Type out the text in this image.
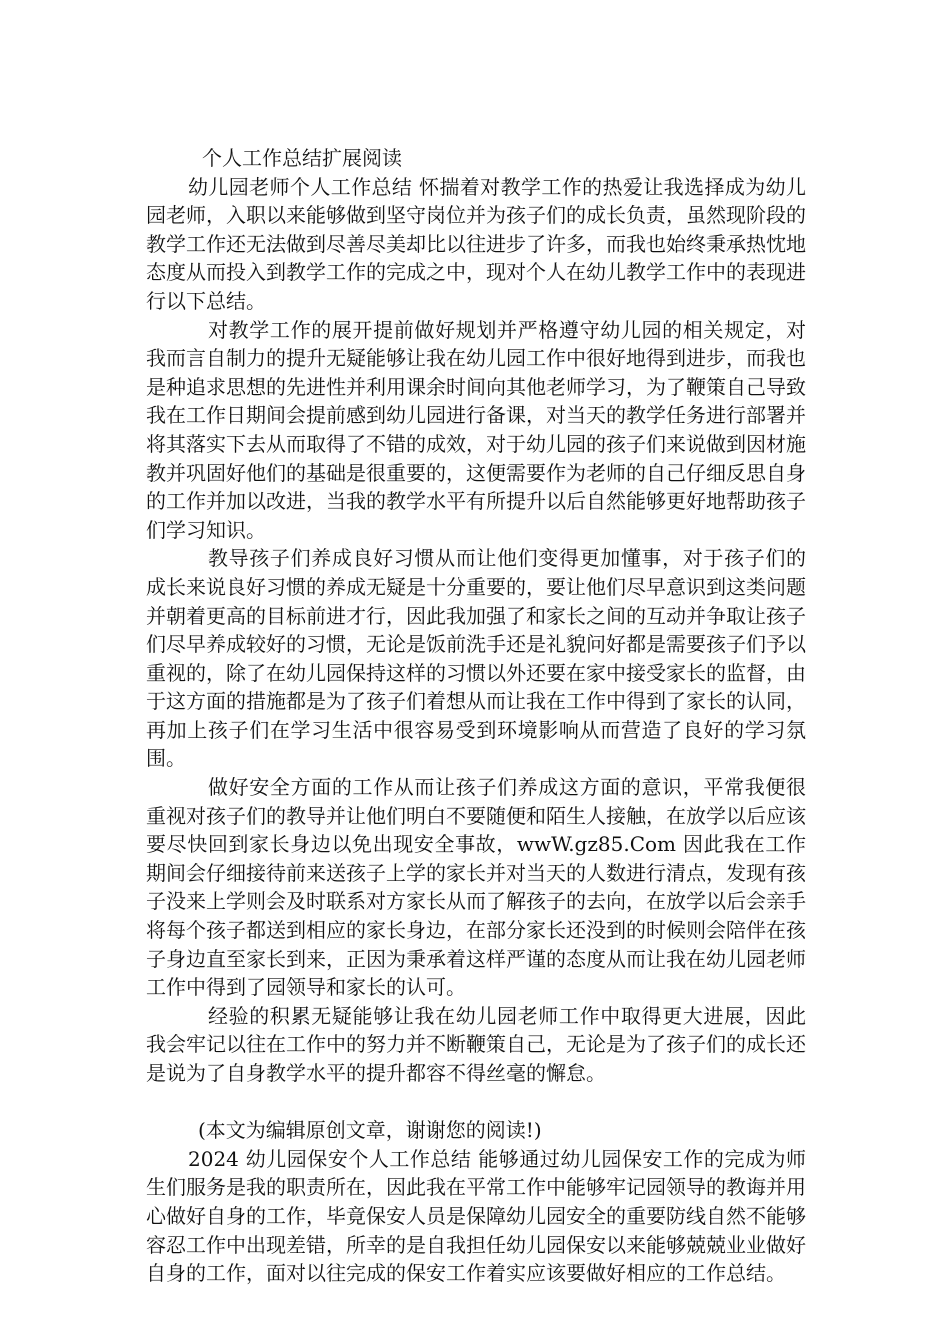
个人工作总结扩展阅读

幼儿园老师个人工作总结 怀揣着对教学工作的热爱让我选择成为幼儿园老师，入职以来能够做到坚守岗位并为孩子们的成长负责，虽然现阶段的教学工作还无法做到尽善尽美却比以往进步了许多，而我也始终秉承热忱地态度从而投入到教学工作的完成之中，现对个人在幼儿教学工作中的表现进行以下总结。

对教学工作的展开提前做好规划并严格遵守幼儿园的相关规定，对我而言自制力的提升无疑能够让我在幼儿园工作中很好地得到进步，而我也是种追求思想的先进性并利用课余时间向其他老师学习，为了鞭策自己导致我在工作日期间会提前感到幼儿园进行备课，对当天的教学任务进行部署并将其落实下去从而取得了不错的成效，对于幼儿园的孩子们来说做到因材施教并巩固好他们的基础是很重要的，这便需要作为老师的自己仔细反思自身的工作并加以改进，当我的教学水平有所提升以后自然能够更好地帮助孩子们学习知识。

教导孩子们养成良好习惯从而让他们变得更加懂事，对于孩子们的成长来说良好习惯的养成无疑是十分重要的，要让他们尽早意识到这类问题并朝着更高的目标前进才行，因此我加强了和家长之间的互动并争取让孩子们尽早养成较好的习惯，无论是饭前洗手还是礼貌问好都是需要孩子们予以重视的，除了在幼儿园保持这样的习惯以外还要在家中接受家长的监督，由于这方面的措施都是为了孩子们着想从而让我在工作中得到了家长的认同，再加上孩子们在学习生活中很容易受到环境影响从而营造了良好的学习氛围。

做好安全方面的工作从而让孩子们养成这方面的意识，平常我便很重视对孩子们的教导并让他们明白不要随便和陌生人接触，在放学以后应该要尽快回到家长身边以免出现安全事故，wwW.gz85.Com 因此我在工作期间会仔细接待前来送孩子上学的家长并对当天的人数进行清点，发现有孩子没来上学则会及时联系对方家长从而了解孩子的去向，在放学以后会亲手将每个孩子都送到相应的家长身边，在部分家长还没到的时候则会陪伴在孩子身边直至家长到来，正因为秉承着这样严谨的态度从而让我在幼儿园老师工作中得到了园领导和家长的认可。

经验的积累无疑能够让我在幼儿园老师工作中取得更大进展，因此我会牢记以往在工作中的努力并不断鞭策自己，无论是为了孩子们的成长还是说为了自身教学水平的提升都容不得丝毫的懈怠。

(本文为编辑原创文章，谢谢您的阅读!)

2024 幼儿园保安个人工作总结 能够通过幼儿园保安工作的完成为师生们服务是我的职责所在，因此我在平常工作中能够牢记园领导的教诲并用心做好自身的工作，毕竟保安人员是保障幼儿园安全的重要防线自然不能够容忍工作中出现差错，所幸的是自我担任幼儿园保安以来能够兢兢业业做好自身的工作，面对以往完成的保安工作着实应该要做好相应的工作总结。
